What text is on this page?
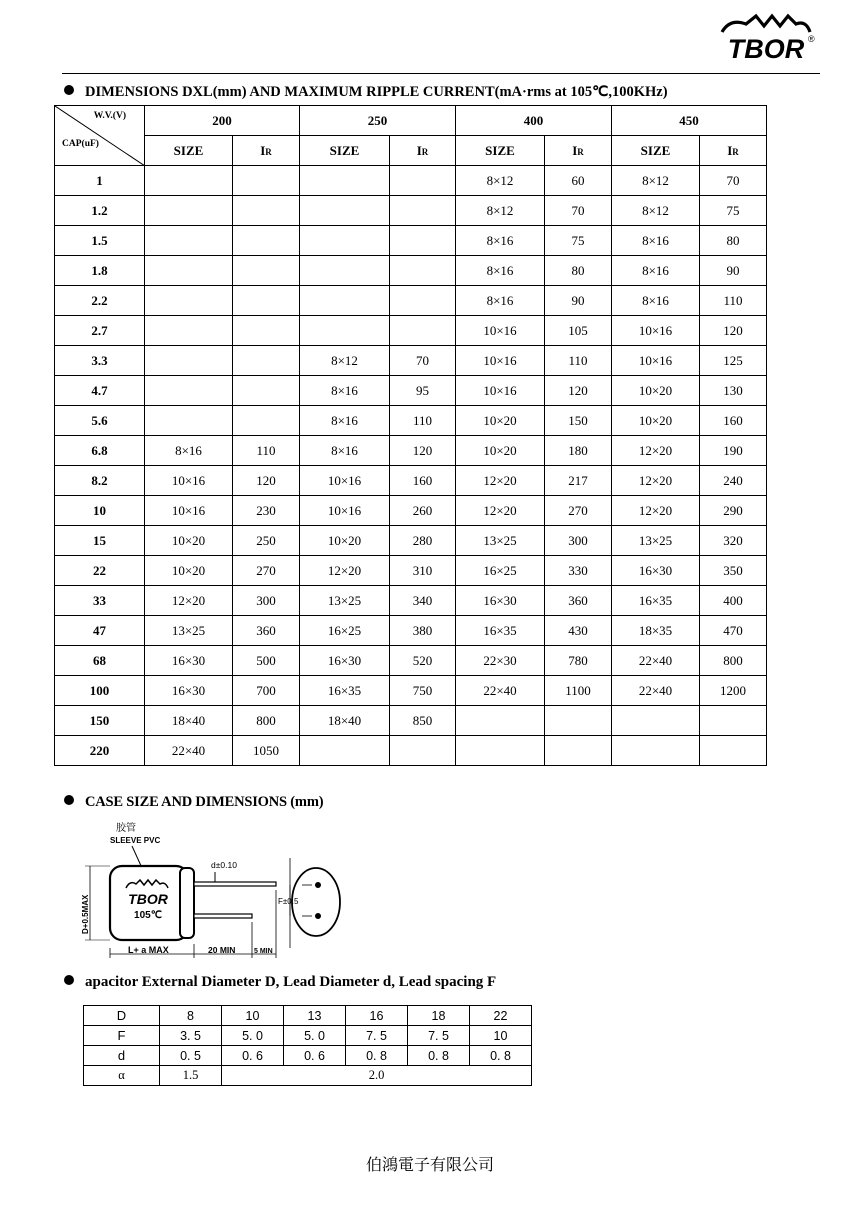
TBOR ®
DIMENSIONS DXL(mm) AND MAXIMUM RIPPLE CURRENT(mA·rms at 105℃,100KHz)
W.V.(V)
CAP(uF)	200		250		400		450	
	SIZE	IR	SIZE	IR	SIZE	IR	SIZE	IR
1					8×12	60	8×12	70
1.2					8×12	70	8×12	75
1.5					8×16	75	8×16	80
1.8					8×16	80	8×16	90
2.2					8×16	90	8×16	110
2.7					10×16	105	10×16	120
3.3			8×12	70	10×16	110	10×16	125
4.7			8×16	95	10×16	120	10×20	130
5.6			8×16	110	10×20	150	10×20	160
6.8	8×16	110	8×16	120	10×20	180	12×20	190
8.2	10×16	120	10×16	160	12×20	217	12×20	240
10	10×16	230	10×16	260	12×20	270	12×20	290
15	10×20	250	10×20	280	13×25	300	13×25	320
22	10×20	270	12×20	310	16×25	330	16×30	350
33	12×20	300	13×25	340	16×30	360	16×35	400
47	13×25	360	16×25	380	16×35	430	18×35	470
68	16×30	500	16×30	520	22×30	780	22×40	800
100	16×30	700	16×35	750	22×40	1100	22×40	1200
150	18×40	800	18×40	850				
220	22×40	1050						
CASE SIZE AND DIMENSIONS (mm)
胶管
SLEEVE PVC
TBOR
105℃
d±0.10
F±0.5
D+0.5MAX
L+ a MAX	20 MIN	5 MIN
apacitor External Diameter D, Lead Diameter d, Lead spacing F
D	8	10	13	16	18	22
F	3. 5	5. 0	5. 0	7. 5	7. 5	10
d	0. 5	0. 6	0. 6	0. 8	0. 8	0. 8
α	1.5	2.0				
伯鴻電子有限公司
